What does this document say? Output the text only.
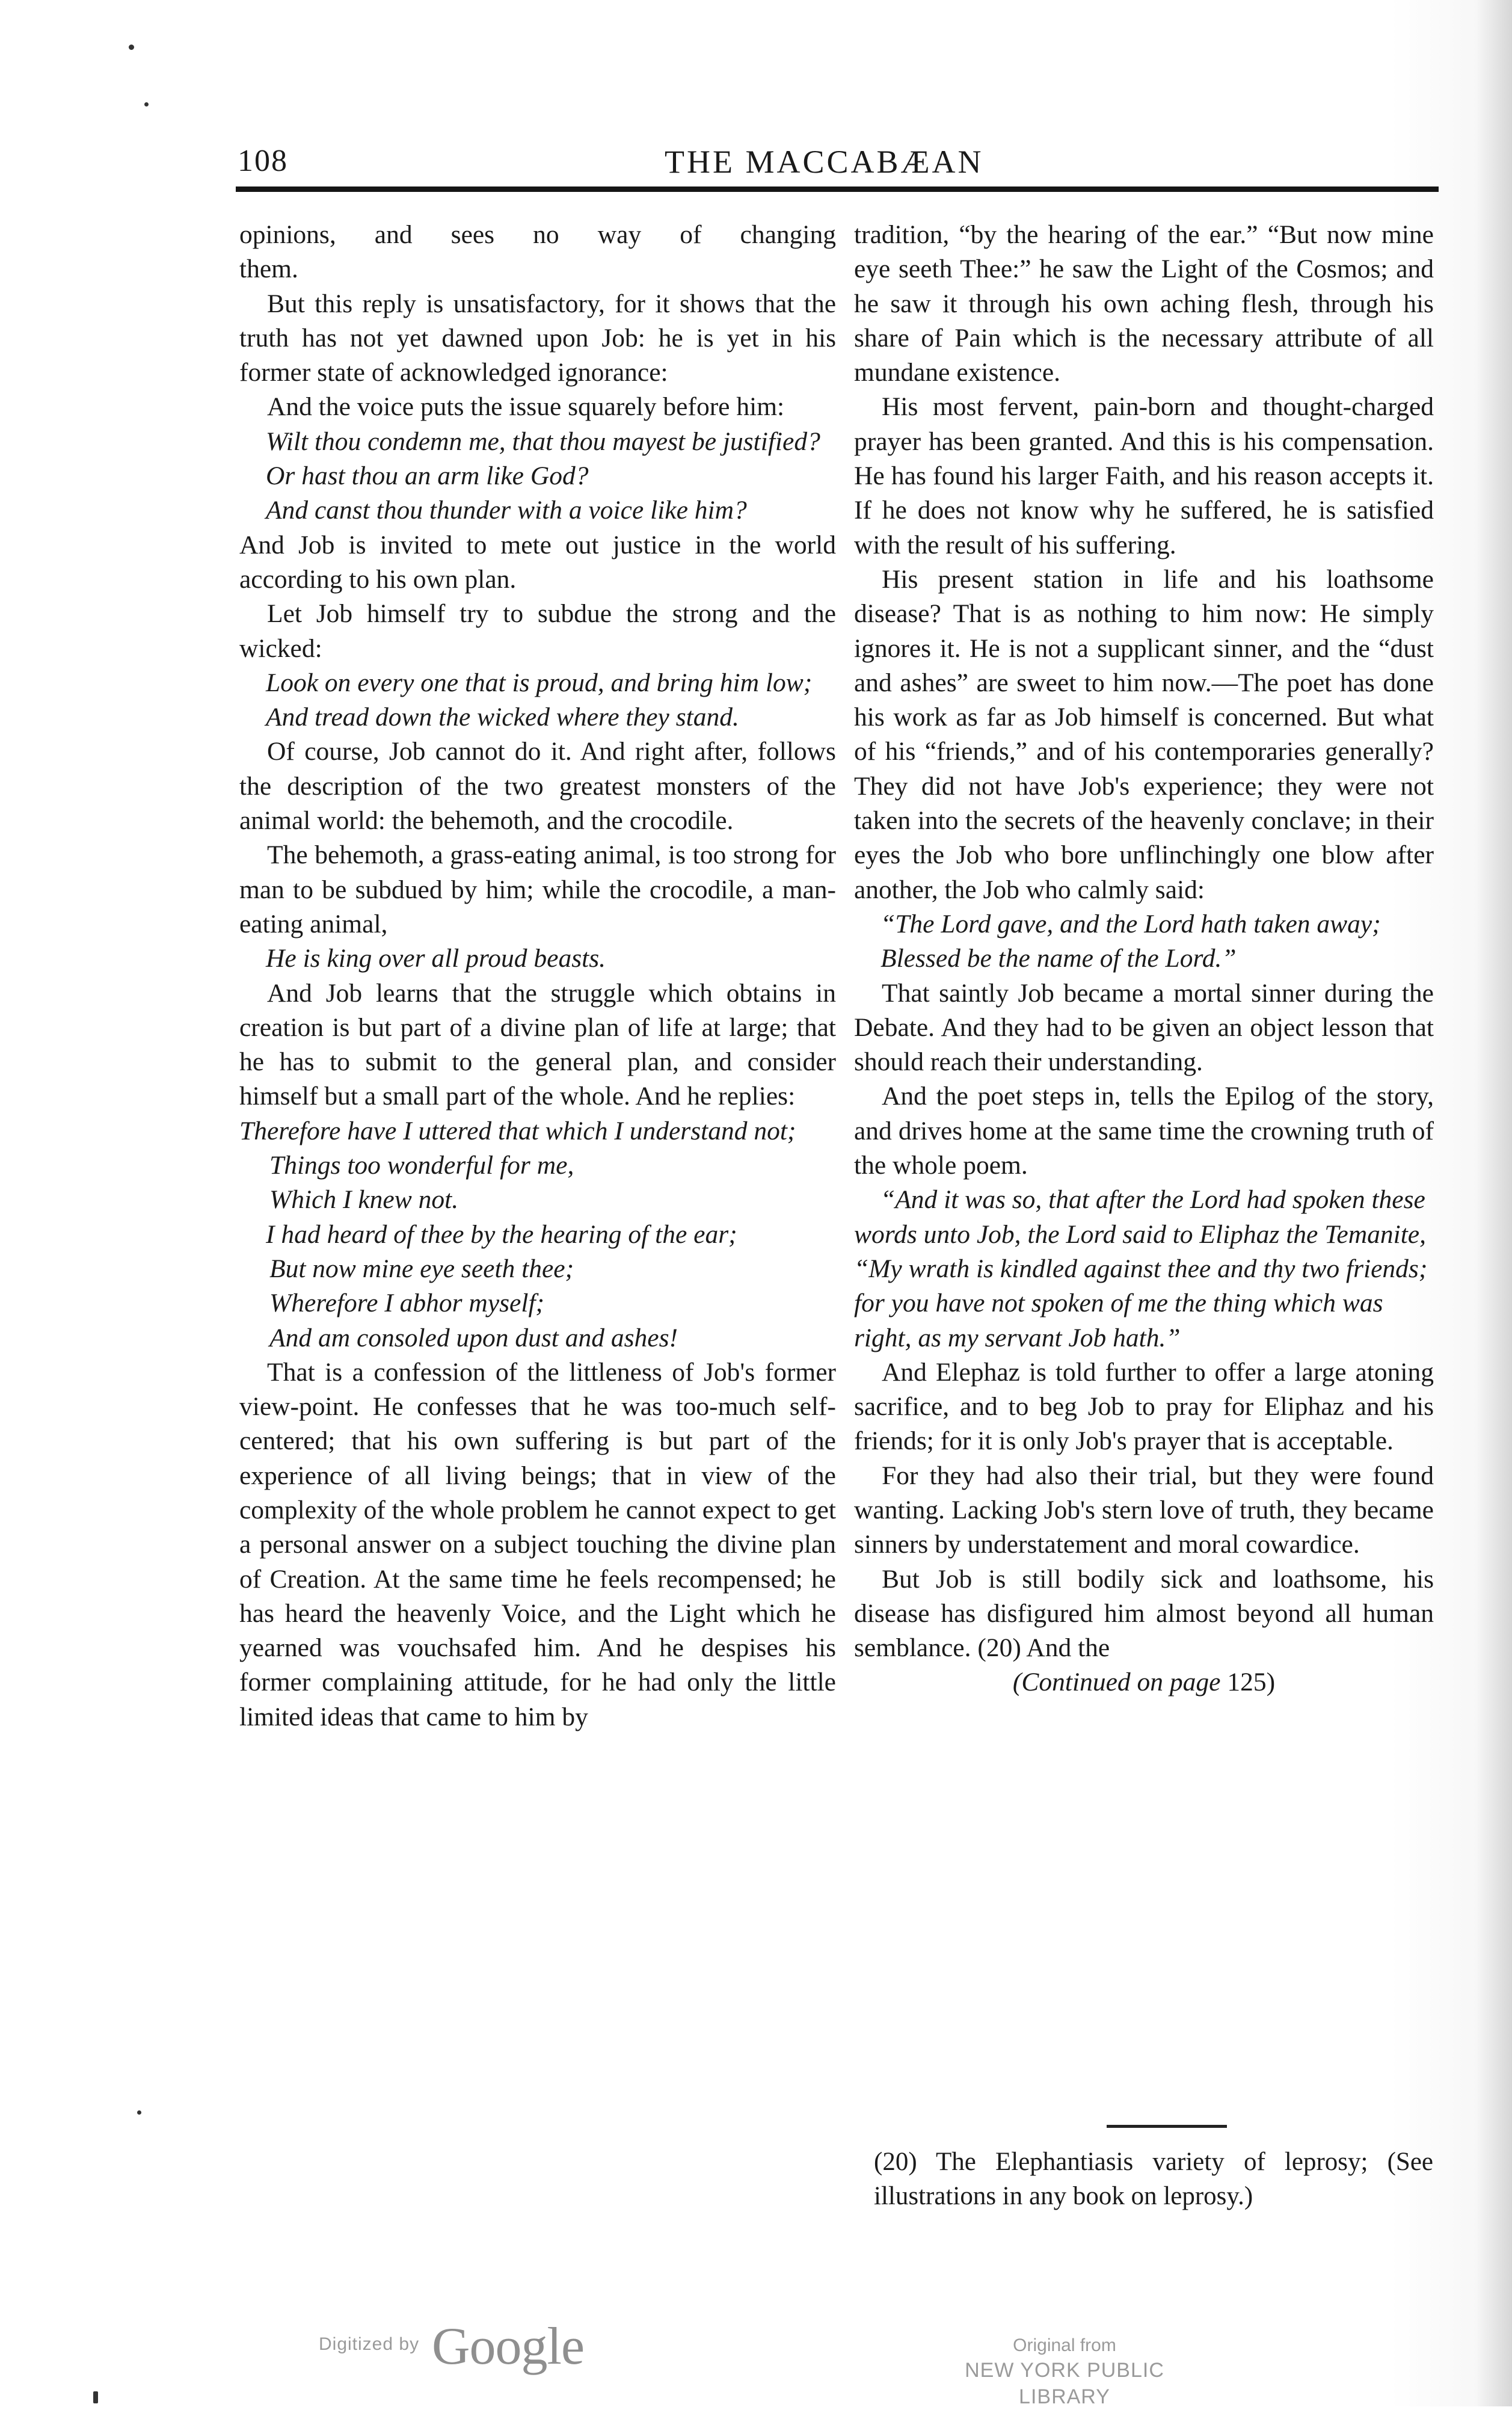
108	THE MACCABÆAN
opinions, and sees no way of changing
them.
But this reply is unsatisfactory, for it shows that the truth has not yet dawned upon Job: he is yet in his former state of acknowledged ignorance:
And the voice puts the issue squarely before him:
Wilt thou condemn me, that thou mayest be justified?
Or hast thou an arm like God?
And canst thou thunder with a voice like him?
And Job is invited to mete out justice in the world according to his own plan.
Let Job himself try to subdue the strong and the wicked:
Look on every one that is proud, and bring him low;
And tread down the wicked where they stand.
Of course, Job cannot do it. And right after, follows the description of the two greatest monsters of the animal world: the behemoth, and the crocodile.
The behemoth, a grass-eating animal, is too strong for man to be subdued by him; while the crocodile, a man-eating animal,
He is king over all proud beasts.
And Job learns that the struggle which obtains in creation is but part of a divine plan of life at large; that he has to submit to the general plan, and consider himself but a small part of the whole. And he replies:
Therefore have I uttered that which I understand not;
Things too wonderful for me,
Which I knew not.
I had heard of thee by the hearing of the ear;
But now mine eye seeth thee;
Wherefore I abhor myself;
And am consoled upon dust and ashes!
That is a confession of the littleness of Job's former view-point. He confesses that he was too-much self-centered; that his own suffering is but part of the experience of all living beings; that in view of the complexity of the whole problem he cannot expect to get a personal answer on a subject touching the divine plan of Creation. At the same time he feels recompensed; he has heard the heavenly Voice, and the Light which he yearned was vouchsafed him. And he despises his former complaining attitude, for he had only the little limited ideas that came to him by
tradition, “by the hearing of the ear.” “But now mine eye seeth Thee:” he saw the Light of the Cosmos; and he saw it through his own aching flesh, through his share of Pain which is the necessary attribute of all mundane existence.
His most fervent, pain-born and thought-charged prayer has been granted. And this is his compensation. He has found his larger Faith, and his reason accepts it. If he does not know why he suffered, he is satisfied with the result of his suffering.
His present station in life and his loathsome disease? That is as nothing to him now: He simply ignores it. He is not a supplicant sinner, and the “dust and ashes” are sweet to him now.—The poet has done his work as far as Job himself is concerned. But what of his “friends,” and of his contemporaries generally? They did not have Job's experience; they were not taken into the secrets of the heavenly conclave; in their eyes the Job who bore unflinchingly one blow after another, the Job who calmly said:
“The Lord gave, and the Lord hath taken away;
Blessed be the name of the Lord.”
That saintly Job became a mortal sinner during the Debate. And they had to be given an object lesson that should reach their understanding.
And the poet steps in, tells the Epilog of the story, and drives home at the same time the crowning truth of the whole poem.
“And it was so, that after the Lord had spoken these words unto Job, the Lord said to Eliphaz the Temanite, “My wrath is kindled against thee and thy two friends; for you have not spoken of me the thing which was right, as my servant Job hath.”
And Elephaz is told further to offer a large atoning sacrifice, and to beg Job to pray for Eliphaz and his friends; for it is only Job's prayer that is acceptable.
For they had also their trial, but they were found wanting. Lacking Job's stern love of truth, they became sinners by understatement and moral cowardice.
But Job is still bodily sick and loathsome, his disease has disfigured him almost beyond all human semblance. (20) And the
(Continued on page 125)
(20) The Elephantiasis variety of leprosy; (See illustrations in any book on leprosy.)
Digitized by Google	Original from
NEW YORK PUBLIC LIBRARY
